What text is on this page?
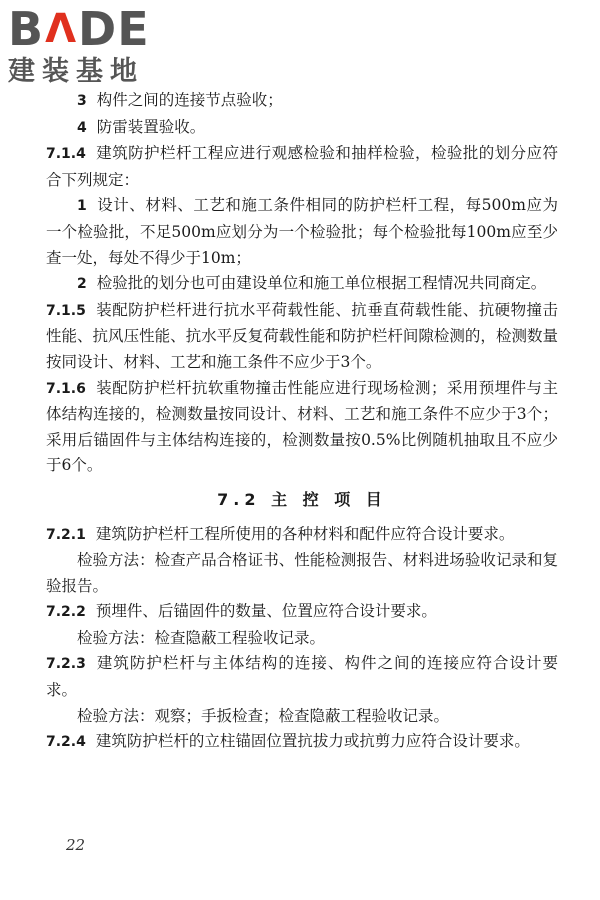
B Λ DE
建装基地

3 构件之间的连接节点验收；

4 防雷装置验收。

7.1.4 建筑防护栏杆工程应进行观感检验和抽样检验，检验批的划分应符合下列规定：

1 设计、材料、工艺和施工条件相同的防护栏杆工程，每500m应为一个检验批，不足500m应划分为一个检验批；每个检验批每100m应至少查一处，每处不得少于10m；

2 检验批的划分也可由建设单位和施工单位根据工程情况共同商定。

7.1.5 装配防护栏杆进行抗水平荷载性能、抗垂直荷载性能、抗硬物撞击性能、抗风压性能、抗水平反复荷载性能和防护栏杆间隙检测的，检测数量按同设计、材料、工艺和施工条件不应少于3个。

7.1.6 装配防护栏杆抗软重物撞击性能应进行现场检测；采用预埋件与主体结构连接的，检测数量按同设计、材料、工艺和施工条件不应少于3个；采用后锚固件与主体结构连接的，检测数量按0.5%比例随机抽取且不应少于6个。

7.2 主 控 项 目

7.2.1 建筑防护栏杆工程所使用的各种材料和配件应符合设计要求。

检验方法：检查产品合格证书、性能检测报告、材料进场验收记录和复验报告。

7.2.2 预埋件、后锚固件的数量、位置应符合设计要求。

检验方法：检查隐蔽工程验收记录。

7.2.3 建筑防护栏杆与主体结构的连接、构件之间的连接应符合设计要求。

检验方法：观察；手扳检查；检查隐蔽工程验收记录。

7.2.4 建筑防护栏杆的立柱锚固位置抗拔力或抗剪力应符合设计要求。

22
